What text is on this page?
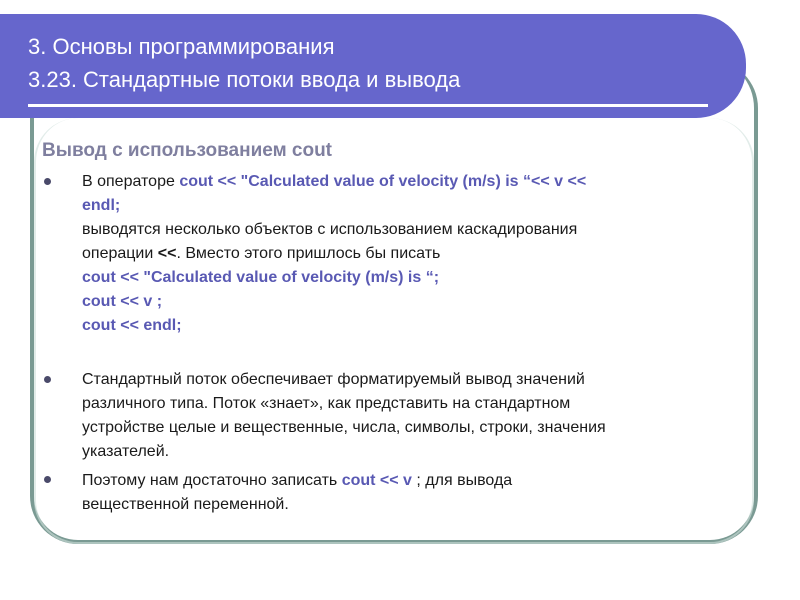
3. Основы программирования
3.23. Стандартные потоки ввода и вывода
Вывод с использованием cout
В операторе cout << "Calculated value of velocity (m/s) is “<< v <<
endl;
выводятся несколько объектов с использованием каскадирования
операции <<. Вместо этого пришлось бы писать
cout << "Calculated value of velocity (m/s) is “;
cout << v ;
cout << endl;
Стандартный поток обеспечивает форматируемый вывод значений
различного типа. Поток «знает», как представить на стандартном
устройстве целые и вещественные, числа, символы, строки, значения
указателей.
Поэтому нам достаточно записать cout << v ; для вывода
вещественной переменной.
